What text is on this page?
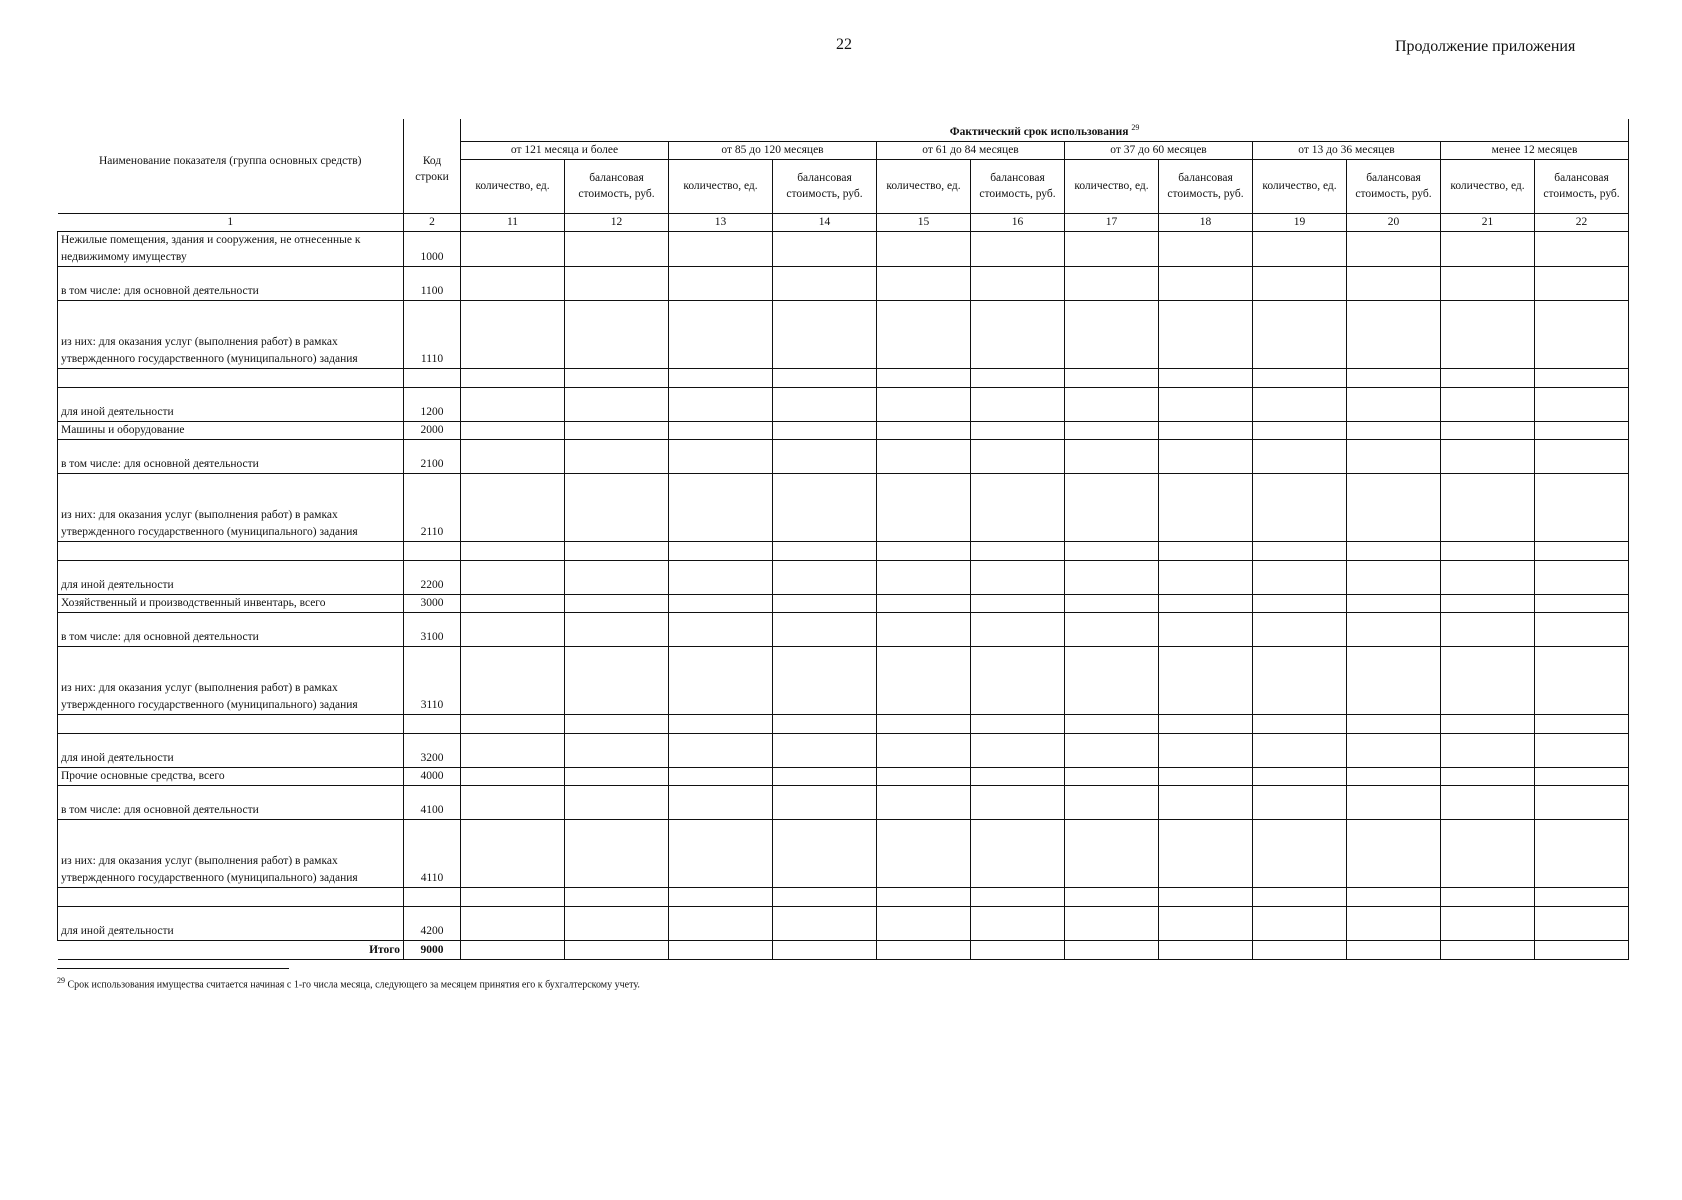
22	Продолжение приложения
Наименование показателя (группа основных средств)	Код строки	Фактический срок использования $^{29}$
		от 121 месяца и более		от 85 до 120 месяцев		от 61 до 84 месяцев		от 37 до 60 месяцев		от 13 до 36 месяцев		менее 12 месяцев	
		количество, ед.	балансовая стоимость, руб.	количество, ед.	балансовая стоимость, руб.	количество, ед.	балансовая стоимость, руб.	количество, ед.	балансовая стоимость, руб.	количество, ед.	балансовая стоимость, руб.	количество, ед.	балансовая стоимость, руб.
1	2	11	12	13	14	15	16	17	18	19	20	21	22
Нежилые помещения, здания и сооружения, не отнесенные к недвижимому имуществу	1000												
в том числе: для основной деятельности	1100												
из них: для оказания услуг (выполнения работ) в рамках утвержденного государственного (муниципального) задания	1110												

для иной деятельности	1200												
Машины и оборудование	2000												
в том числе: для основной деятельности	2100												
из них: для оказания услуг (выполнения работ) в рамках утвержденного государственного (муниципального) задания	2110												

для иной деятельности	2200												
Хозяйственный и производственный инвентарь, всего	3000												
в том числе: для основной деятельности	3100												
из них: для оказания услуг (выполнения работ) в рамках утвержденного государственного (муниципального) задания	3110												

для иной деятельности	3200												
Прочие основные средства, всего	4000												
в том числе: для основной деятельности	4100												
из них: для оказания услуг (выполнения работ) в рамках утвержденного государственного (муниципального) задания	4110												

для иной деятельности	4200												
Итого	9000												
$^{29}$ Срок использования имущества считается начиная с 1-го числа месяца, следующего за месяцем принятия его к бухгалтерскому учету.
